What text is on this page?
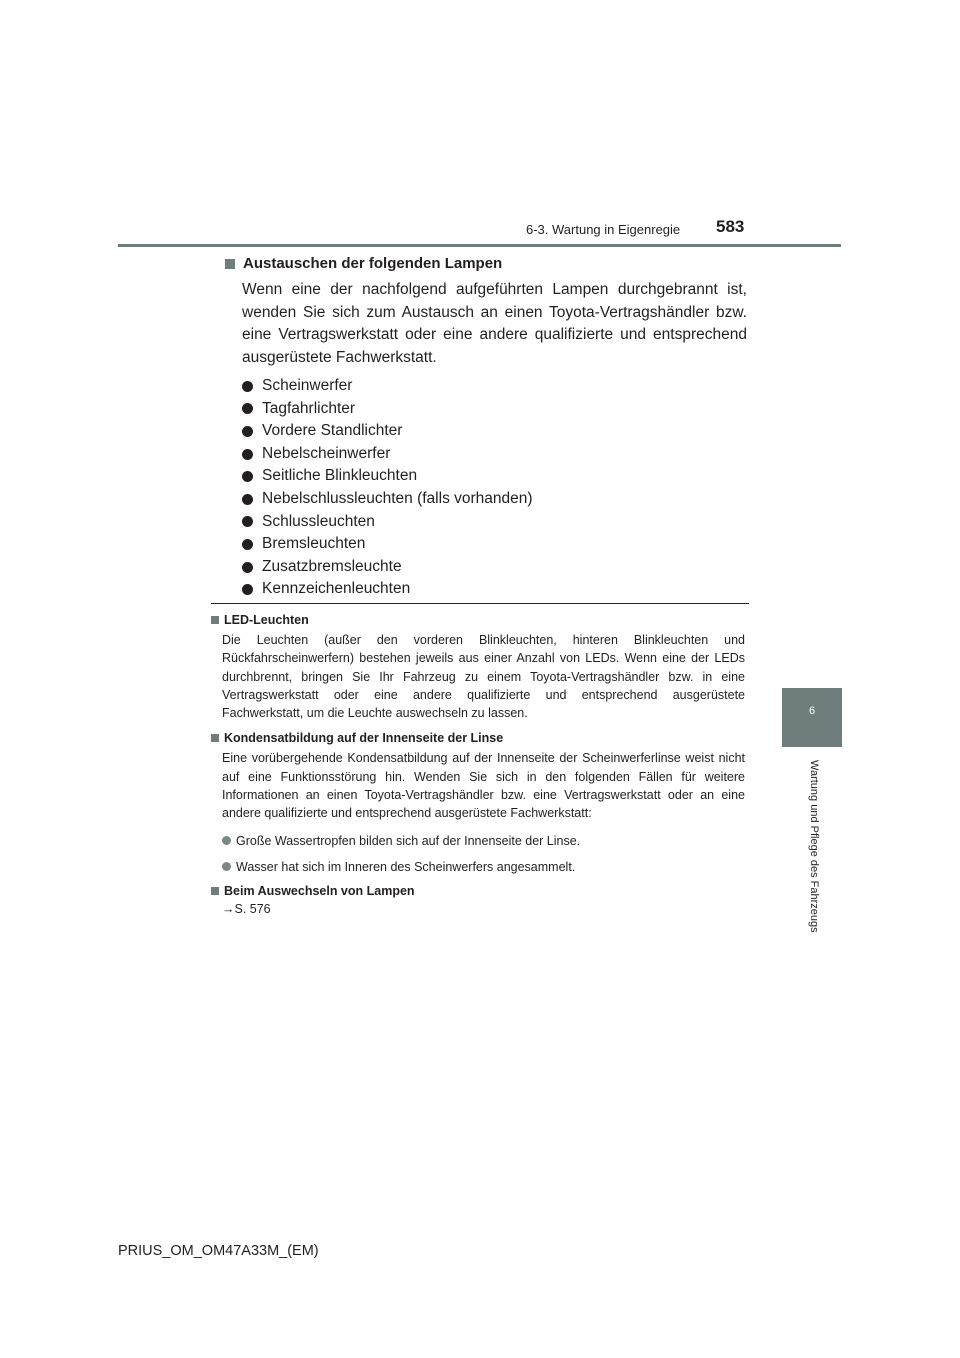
6-3. Wartung in Eigenregie 583
6
Wartung und Pflege des Fahrzeugs
Austauschen der folgenden Lampen

Wenn eine der nachfolgend aufgeführten Lampen durchgebrannt ist, wenden Sie sich zum Austausch an einen Toyota-Vertragshändler bzw. eine Vertragswerkstatt oder eine andere qualifizierte und entsprechend ausgerüstete Fachwerkstatt.

Scheinwerfer
Tagfahrlichter
Vordere Standlichter
Nebelscheinwerfer
Seitliche Blinkleuchten
Nebelschlussleuchten (falls vorhanden)
Schlussleuchten
Bremsleuchten
Zusatzbremsleuchte
Kennzeichenleuchten
LED-Leuchten

Die Leuchten (außer den vorderen Blinkleuchten, hinteren Blinkleuchten und Rückfahrscheinwerfern) bestehen jeweils aus einer Anzahl von LEDs. Wenn eine der LEDs durchbrennt, bringen Sie Ihr Fahrzeug zu einem Toyota-Vertragshändler bzw. in eine Vertragswerkstatt oder eine andere qualifizierte und entsprechend ausgerüstete Fachwerkstatt, um die Leuchte auswechseln zu lassen.

Kondensatbildung auf der Innenseite der Linse

Eine vorübergehende Kondensatbildung auf der Innenseite der Scheinwerferlinse weist nicht auf eine Funktionsstörung hin. Wenden Sie sich in den folgenden Fällen für weitere Informationen an einen Toyota-Vertragshändler bzw. eine Vertragswerkstatt oder an eine andere qualifizierte und entsprechend ausgerüstete Fachwerkstatt:

Große Wassertropfen bilden sich auf der Innenseite der Linse.
Wasser hat sich im Inneren des Scheinwerfers angesammelt.
Beim Auswechseln von Lampen
→S. 576
PRIUS_OM_OM47A33M_(EM)
